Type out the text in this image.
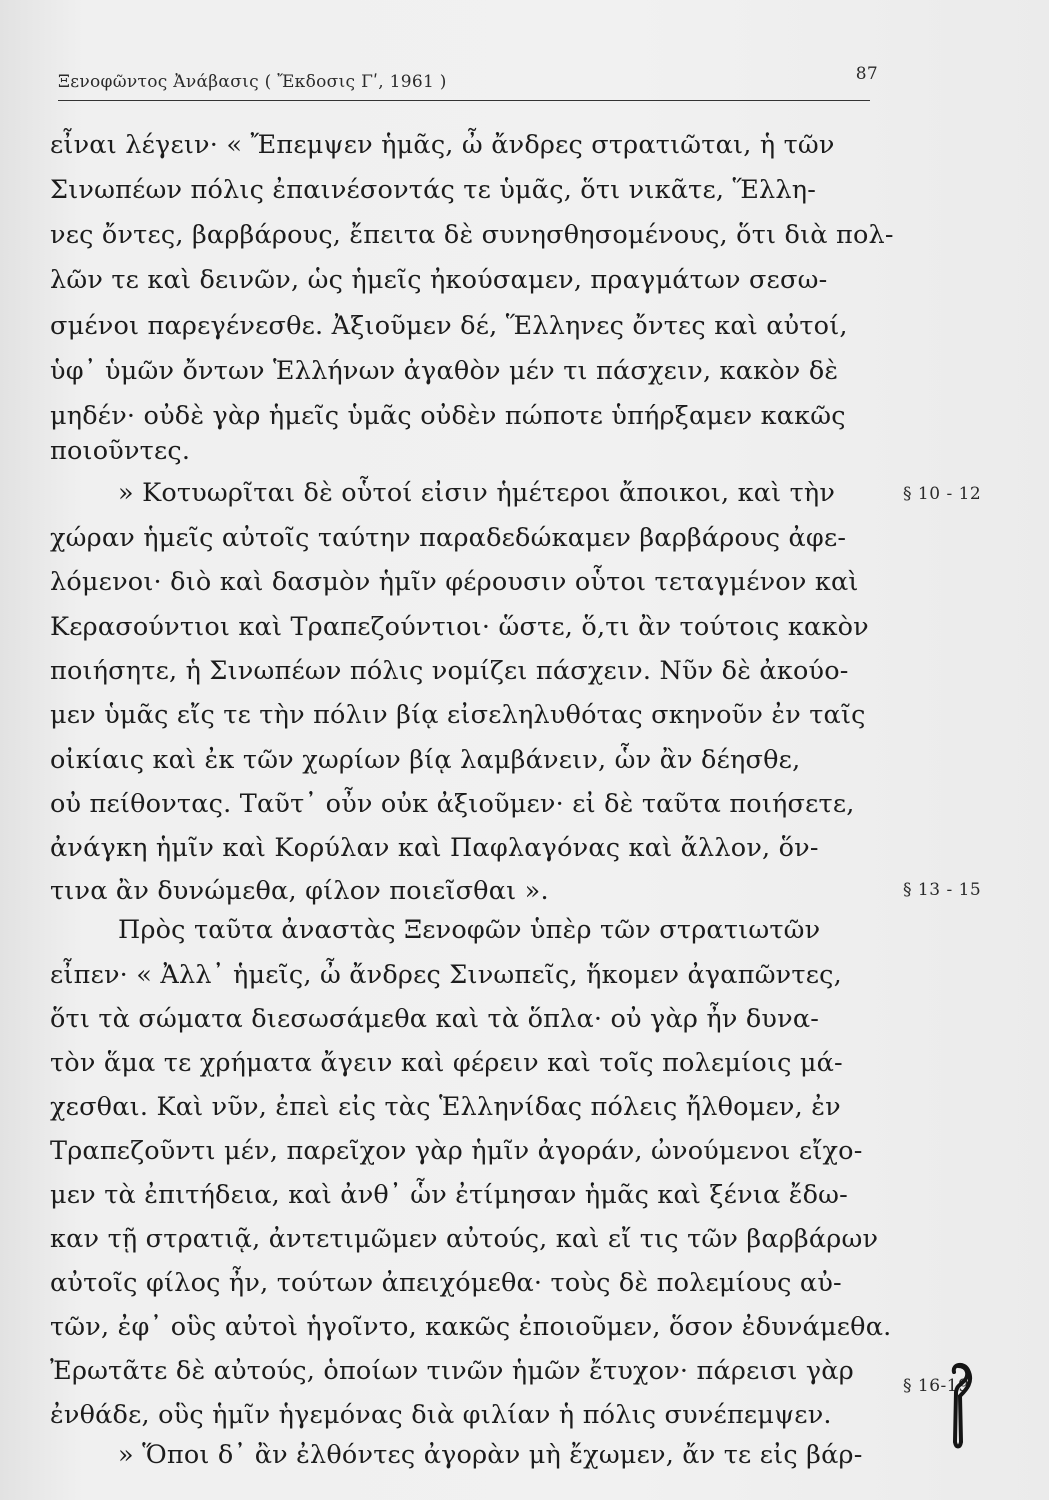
Ξενοφῶντος Ἀνάβασις ( Ἔκδοσις Γʹ, 1961 )	87
εἶναι λέγειν· « Ἔπεμψεν ἡμᾶς, ὦ ἄνδρες στρατιῶται, ἡ τῶν
Σινωπέων πόλις ἐπαινέσοντάς τε ὑμᾶς, ὅτι νικᾶτε, Ἕλλη-
νες ὄντες, βαρβάρους, ἔπειτα δὲ συνησθησομένους, ὅτι διὰ πολ-
λῶν τε καὶ δεινῶν, ὡς ἡμεῖς ἠκούσαμεν, πραγμάτων σεσω-
σμένοι παρεγένεσθε. Ἀξιοῦμεν δέ, Ἕλληνες ὄντες καὶ αὐτοί,
ὑφ᾽ ὑμῶν ὄντων Ἑλλήνων ἀγαθὸν μέν τι πάσχειν, κακὸν δὲ
μηδέν· οὐδὲ γὰρ ἡμεῖς ὑμᾶς οὐδὲν πώποτε ὑπήρξαμεν κακῶς
ποιοῦντες.
» Κοτυωρῖται δὲ οὗτοί εἰσιν ἡμέτεροι ἄποικοι, καὶ τὴν
χώραν ἡμεῖς αὐτοῖς ταύτην παραδεδώκαμεν βαρβάρους ἀφε-
λόμενοι· διὸ καὶ δασμὸν ἡμῖν φέρουσιν οὗτοι τεταγμένον καὶ
Κερασούντιοι καὶ Τραπεζούντιοι· ὥστε, ὅ,τι ἂν τούτοις κακὸν
ποιήσητε, ἡ Σινωπέων πόλις νομίζει πάσχειν. Νῦν δὲ ἀκούο-
μεν ὑμᾶς εἴς τε τὴν πόλιν βίᾳ εἰσεληλυθότας σκηνοῦν ἐν ταῖς
οἰκίαις καὶ ἐκ τῶν χωρίων βίᾳ λαμβάνειν, ὧν ἂν δέησθε,
οὐ πείθοντας. Ταῦτ᾽ οὖν οὐκ ἀξιοῦμεν· εἰ δὲ ταῦτα ποιήσετε,
ἀνάγκη ἡμῖν καὶ Κορύλαν καὶ Παφλαγόνας καὶ ἄλλον, ὅν-
τινα ἂν δυνώμεθα, φίλον ποιεῖσθαι ».
Πρὸς ταῦτα ἀναστὰς Ξενοφῶν ὑπὲρ τῶν στρατιωτῶν
εἶπεν· « Ἀλλ᾽ ἡμεῖς, ὦ ἄνδρες Σινωπεῖς, ἥκομεν ἀγαπῶντες,
ὅτι τὰ σώματα διεσωσάμεθα καὶ τὰ ὅπλα· οὐ γὰρ ἦν δυνα-
τὸν ἅμα τε χρήματα ἄγειν καὶ φέρειν καὶ τοῖς πολεμίοις μά-
χεσθαι. Καὶ νῦν, ἐπεὶ εἰς τὰς Ἑλληνίδας πόλεις ἤλθομεν, ἐν
Τραπεζοῦντι μέν, παρεῖχον γὰρ ἡμῖν ἀγοράν, ὠνούμενοι εἴχο-
μεν τὰ ἐπιτήδεια, καὶ ἀνθ᾽ ὧν ἐτίμησαν ἡμᾶς καὶ ξένια ἔδω-
καν τῇ στρατιᾷ, ἀντετιμῶμεν αὐτούς, καὶ εἴ τις τῶν βαρβάρων
αὐτοῖς φίλος ἦν, τούτων ἀπειχόμεθα· τοὺς δὲ πολεμίους αὐ-
τῶν, ἐφ᾽ οὓς αὐτοὶ ἡγοῖντο, κακῶς ἐποιοῦμεν, ὅσον ἐδυνάμεθα.
Ἐρωτᾶτε δὲ αὐτούς, ὁποίων τινῶν ἡμῶν ἔτυχον· πάρεισι γὰρ
ἐνθάδε, οὓς ἡμῖν ἡγεμόνας διὰ φιλίαν ἡ πόλις συνέπεμψεν.
» Ὅποι δ᾽ ἂν ἐλθόντες ἀγορὰν μὴ ἔχωμεν, ἄν τε εἰς βάρ-
§ 10 - 12
§ 13 - 15
§ 16-19
